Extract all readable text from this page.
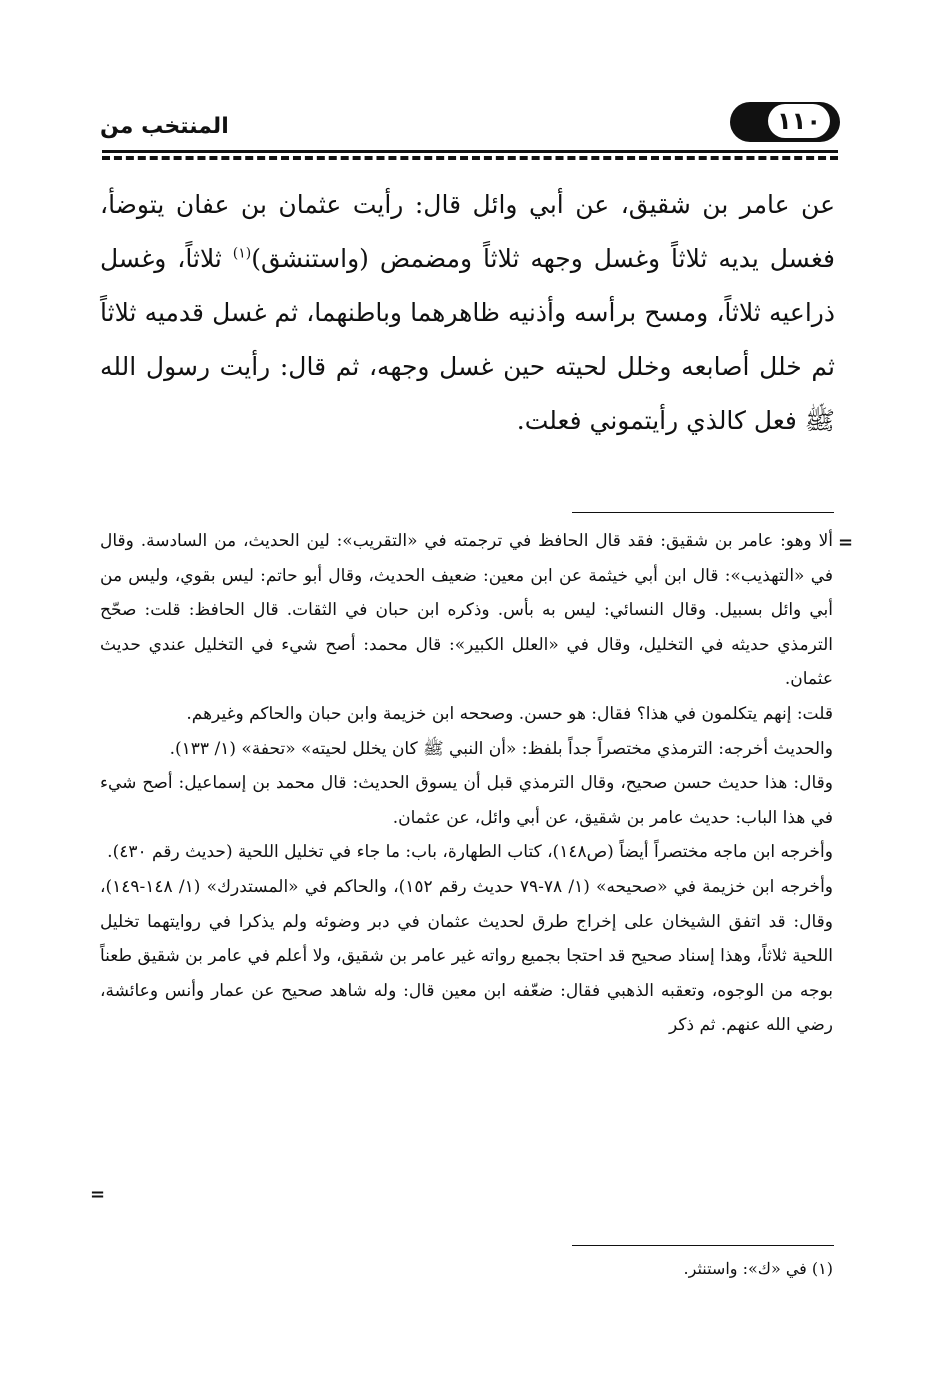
المنتخب من	١١٠
عن عامر بن شقيق، عن أبي وائل قال: رأيت عثمان بن عفان يتوضأ، فغسل يديه ثلاثاً وغسل وجهه ثلاثاً ومضمض (واستنشق)$^{(١)}$ ثلاثاً، وغسل ذراعيه ثلاثاً، ومسح برأسه وأذنيه ظاهرهما وباطنهما، ثم غسل قدميه ثلاثاً ثم خلل أصابعه وخلل لحيته حين غسل وجهه، ثم قال: رأيت رسول الله ﷺ فعل كالذي رأيتموني فعلت.
=

ألا وهو: عامر بن شقيق: فقد قال الحافظ في ترجمته في «التقريب»: لين الحديث، من السادسة. وقال في «التهذيب»: قال ابن أبي خيثمة عن ابن معين: ضعيف الحديث، وقال أبو حاتم: ليس بقوي، وليس من أبي وائل بسبيل. وقال النسائي: ليس به بأس. وذكره ابن حبان في الثقات. قال الحافظ: قلت: صحّح الترمذي حديثه في التخليل، وقال في «العلل الكبير»: قال محمد: أصح شيء في التخليل عندي حديث عثمان.

قلت: إنهم يتكلمون في هذا؟ فقال: هو حسن. وصححه ابن خزيمة وابن حبان والحاكم وغيرهم.

والحديث أخرجه: الترمذي مختصراً جداً بلفظ: «أن النبي ﷺ كان يخلل لحيته» «تحفة» (١/ ١٣٣).

وقال: هذا حديث حسن صحيح، وقال الترمذي قبل أن يسوق الحديث: قال محمد بن إسماعيل: أصح شيء في هذا الباب: حديث عامر بن شقيق، عن أبي وائل، عن عثمان.

وأخرجه ابن ماجه مختصراً أيضاً (ص١٤٨)، كتاب الطهارة، باب: ما جاء في تخليل اللحية (حديث رقم ٤٣٠).

وأخرجه ابن خزيمة في «صحيحه» (١/ ٧٨-٧٩ حديث رقم ١٥٢)، والحاكم في «المستدرك» (١/ ١٤٨-١٤٩)، وقال: قد اتفق الشيخان على إخراج طرق لحديث عثمان في دبر وضوئه ولم يذكرا في روايتهما تخليل اللحية ثلاثاً، وهذا إسناد صحيح قد احتجا بجميع رواته غير عامر بن شقيق، ولا أعلم في عامر بن شقيق طعناً بوجه من الوجوه، وتعقبه الذهبي فقال: ضعّفه ابن معين قال: وله شاهد صحيح عن عمار وأنس وعائشة، رضي الله عنهم. ثم ذكر

=
(١) في «ك»: واستنثر.
